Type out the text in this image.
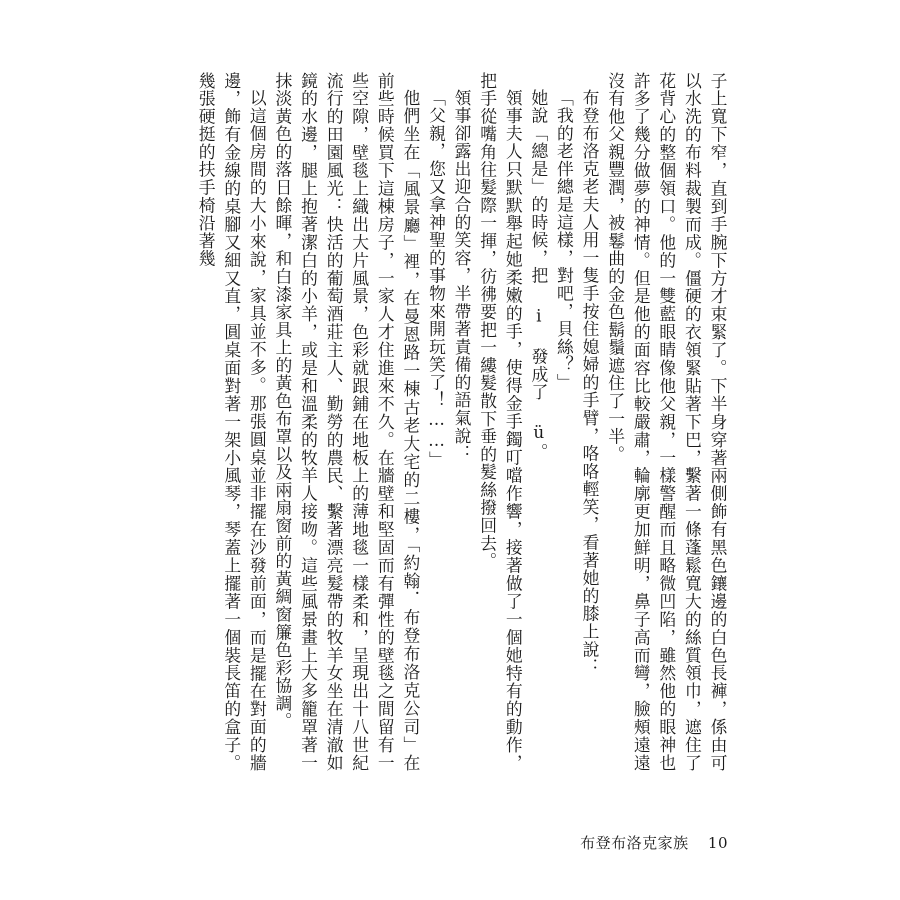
子上寬下窄，直到手腕下方才束緊了。下半身穿著兩側飾有黑色鑲邊的白色長褲，係由可以水洗的布料裁製而成。僵硬的衣領緊貼著下巴，繫著一條蓬鬆寬大的絲質領巾，遮住了花背心的整個領口。他的一雙藍眼睛像他父親，一樣警醒而且略微凹陷，雖然他的眼神也許多了幾分做夢的神情。但是他的面容比較嚴肅，輪廓更加鮮明，鼻子高而彎，臉頰遠遠沒有他父親豐潤，被鬈曲的金色鬍鬚遮住了一半。

布登布洛克老夫人用一隻手按住媳婦的手臂，咯咯輕笑，看著她的膝上說：

「我的老伴總是這樣，對吧，貝絲？」

她說「總是」的時候，把 i 發成了 ü。

領事夫人只默默舉起她柔嫩的手，使得金手鐲叮噹作響，接著做了一個她特有的動作，把手從嘴角往髮際一揮，彷彿要把一縷髮散下垂的髮絲撥回去。

領事卻露出迎合的笑容，半帶著責備的語氣說：

「父親，您又拿神聖的事物來開玩笑了！……」

他們坐在「風景廳」裡，在曼恩路一棟古老大宅的二樓，「約翰．布登布洛克公司」在前些時候買下這棟房子，一家人才住進來不久。在牆壁和堅固而有彈性的壁毯之間留有一些空隙，壁毯上織出大片風景，色彩就跟鋪在地板上的薄地毯一樣柔和，呈現出十八世紀流行的田園風光：快活的葡萄酒莊主人、勤勞的農民、繫著漂亮髮帶的牧羊女坐在清澈如鏡的水邊，腿上抱著潔白的小羊，或是和溫柔的牧羊人接吻。這些風景畫上大多籠罩著一抹淡黃色的落日餘暉，和白漆家具上的黃色布罩以及兩扇窗前的黃綢窗簾色彩協調。

以這個房間的大小來說，家具並不多。那張圓桌並非擺在沙發前面，而是擺在對面的牆邊，飾有金線的桌腳又細又直，圓桌面對著一架小風琴，琴蓋上擺著一個裝長笛的盒子。幾張硬挺的扶手椅沿著幾

布登布洛克家族 10
